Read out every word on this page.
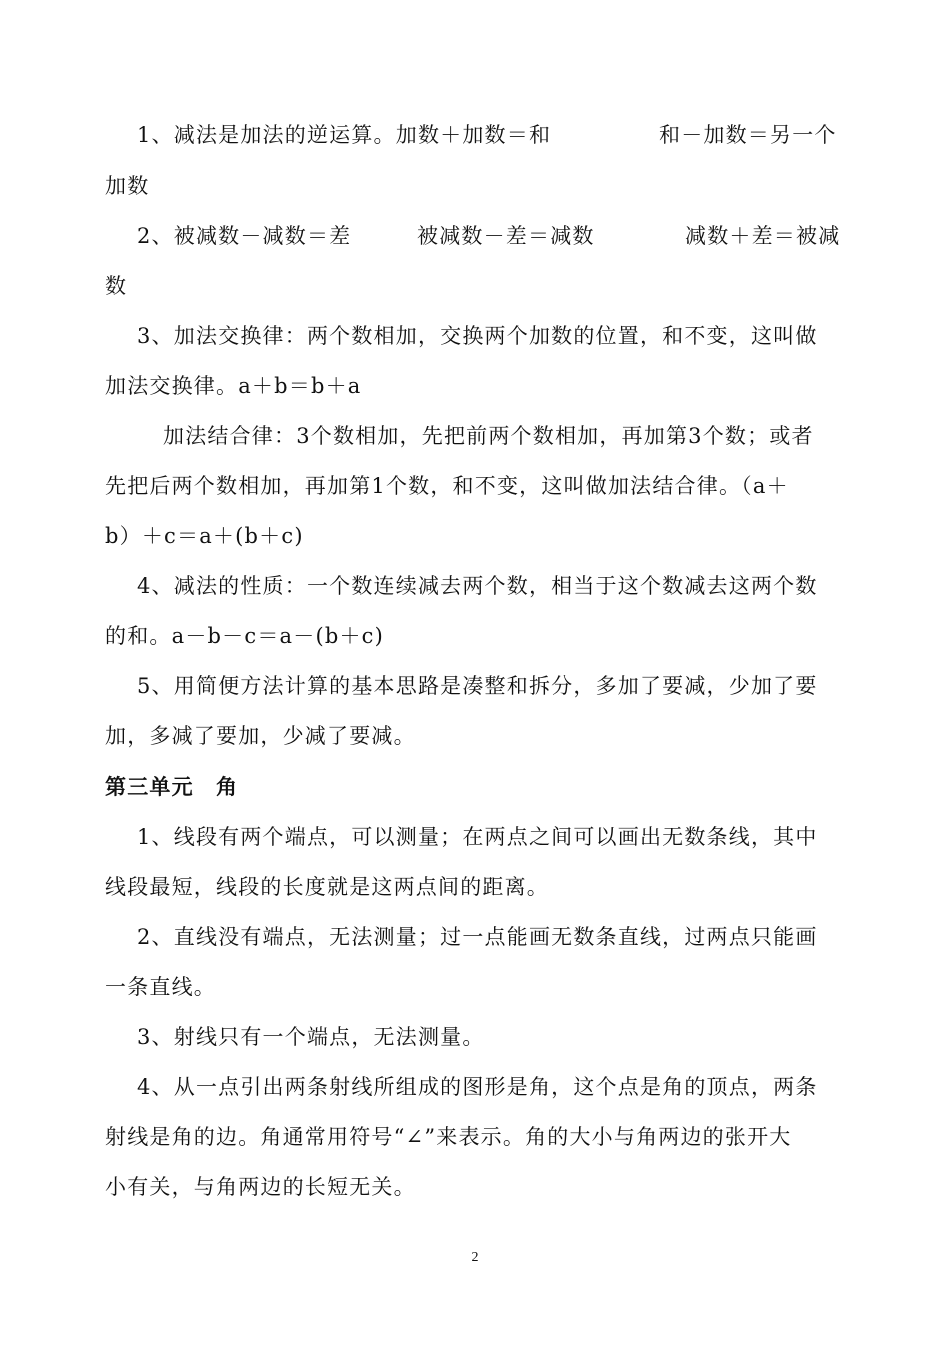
1、减法是加法的逆运算。加数＋加数＝和	和－加数＝另一个
加数
2、被减数－减数＝差	被减数－差＝减数	减数＋差＝被减
数
3、加法交换律：两个数相加，交换两个加数的位置，和不变，这叫做
加法交换律。a＋b＝b＋a
加法结合律：3个数相加，先把前两个数相加，再加第3个数；或者
先把后两个数相加，再加第1个数，和不变，这叫做加法结合律。（a＋
b）＋c＝a＋(b＋c)
4、减法的性质：一个数连续减去两个数，相当于这个数减去这两个数
的和。a－b－c＝a－(b＋c)
5、用简便方法计算的基本思路是凑整和拆分，多加了要减，少加了要
加，多减了要加，少减了要减。
第三单元　角
1、线段有两个端点，可以测量；在两点之间可以画出无数条线，其中
线段最短，线段的长度就是这两点间的距离。
2、直线没有端点，无法测量；过一点能画无数条直线，过两点只能画
一条直线。
3、射线只有一个端点，无法测量。
4、从一点引出两条射线所组成的图形是角，这个点是角的顶点，两条
射线是角的边。角通常用符号“∠”来表示。角的大小与角两边的张开大
小有关，与角两边的长短无关。
2
